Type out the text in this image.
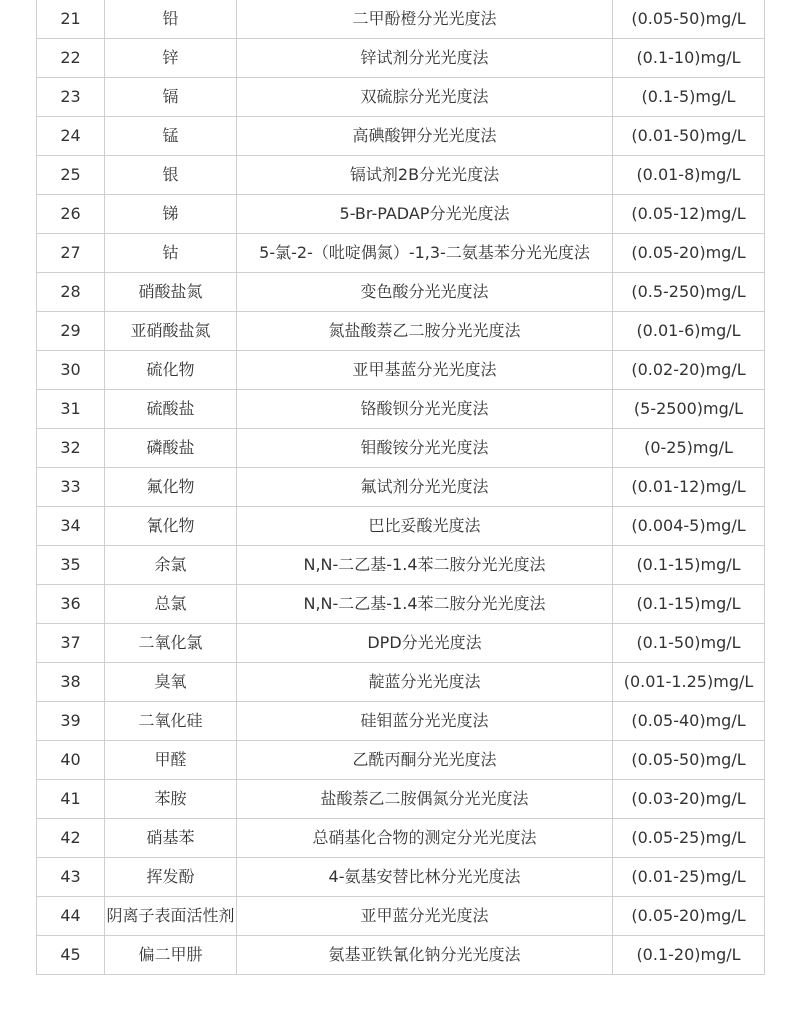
21	铅	二甲酚橙分光光度法	(0.05-50)mg/L
22	锌	锌试剂分光光度法	(0.1-10)mg/L
23	镉	双硫腙分光光度法	(0.1-5)mg/L
24	锰	高碘酸钾分光光度法	(0.01-50)mg/L
25	银	镉试剂2B分光光度法	(0.01-8)mg/L
26	锑	5-Br-PADAP分光光度法	(0.05-12)mg/L
27	钴	5-氯-2-（吡啶偶氮）-1,3-二氨基苯分光光度法	(0.05-20)mg/L
28	硝酸盐氮	变色酸分光光度法	(0.5-250)mg/L
29	亚硝酸盐氮	氮盐酸萘乙二胺分光光度法	(0.01-6)mg/L
30	硫化物	亚甲基蓝分光光度法	(0.02-20)mg/L
31	硫酸盐	铬酸钡分光光度法	(5-2500)mg/L
32	磷酸盐	钼酸铵分光光度法	(0-25)mg/L
33	氟化物	氟试剂分光光度法	(0.01-12)mg/L
34	氰化物	巴比妥酸光度法	(0.004-5)mg/L
35	余氯	N,N-二乙基-1.4苯二胺分光光度法	(0.1-15)mg/L
36	总氯	N,N-二乙基-1.4苯二胺分光光度法	(0.1-15)mg/L
37	二氧化氯	DPD分光光度法	(0.1-50)mg/L
38	臭氧	靛蓝分光光度法	(0.01-1.25)mg/L
39	二氧化硅	硅钼蓝分光光度法	(0.05-40)mg/L
40	甲醛	乙酰丙酮分光光度法	(0.05-50)mg/L
41	苯胺	盐酸萘乙二胺偶氮分光光度法	(0.03-20)mg/L
42	硝基苯	总硝基化合物的测定分光光度法	(0.05-25)mg/L
43	挥发酚	4-氨基安替比林分光光度法	(0.01-25)mg/L
44	阴离子表面活性剂	亚甲蓝分光光度法	(0.05-20)mg/L
45	偏二甲肼	氨基亚铁氰化钠分光光度法	(0.1-20)mg/L
